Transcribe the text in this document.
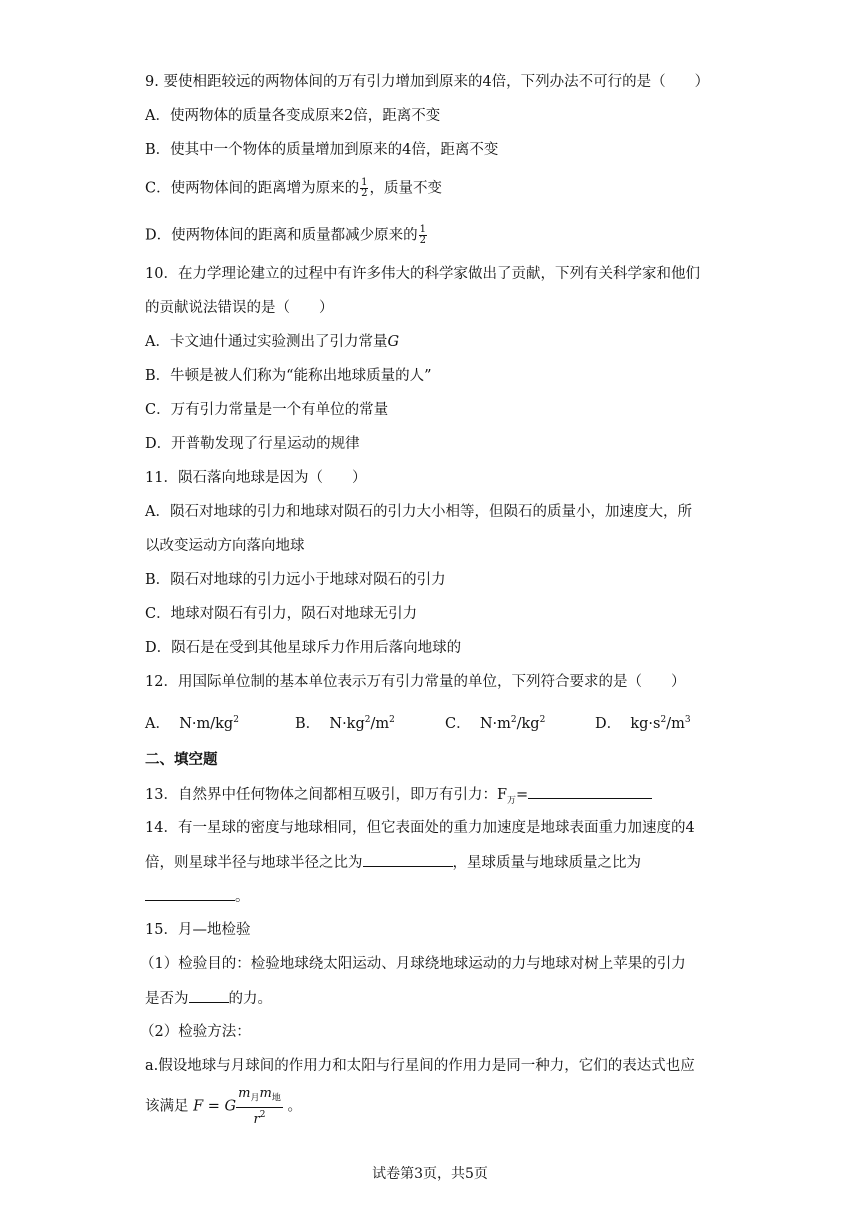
9. 要使相距较远的两物体间的万有引力增加到原来的4倍，下列办法不可行的是（　　）
A．使两物体的质量各变成原来2倍，距离不变
B．使其中一个物体的质量增加到原来的4倍，距离不变
C．使两物体间的距离增为原来的 $\frac{1}{2}$ ，质量不变
D．使两物体间的距离和质量都减少原来的 $\frac{1}{2}$
10．在力学理论建立的过程中有许多伟大的科学家做出了贡献，下列有关科学家和他们
的贡献说法错误的是（　　）
A．卡文迪什通过实验测出了引力常量G
B．牛顿是被人们称为“能称出地球质量的人”
C．万有引力常量是一个有单位的常量
D．开普勒发现了行星运动的规律
11．陨石落向地球是因为（　　）
A．陨石对地球的引力和地球对陨石的引力大小相等，但陨石的质量小，加速度大，所
以改变运动方向落向地球
B．陨石对地球的引力远小于地球对陨石的引力
C．地球对陨石有引力，陨石对地球无引力
D．陨石是在受到其他星球斥力作用后落向地球的
12．用国际单位制的基本单位表示万有引力常量的单位，下列符合要求的是（　　）
A． $N\cdot m/kg^2$	B． $N\cdot kg^2/m^2$	C． $N\cdot m^2/kg^2$	D． $kg\cdot s^2/m^3$
二、填空题
13．自然界中任何物体之间都相互吸引，即万有引力：$F_万=$
14．有一星球的密度与地球相同，但它表面处的重力加速度是地球表面重力加速度的4
倍，则星球半径与地球半径之比为	，星球质量与地球质量之比为
。
15．月—地检验
（1）检验目的：检验地球绕太阳运动、月球绕地球运动的力与地球对树上苹果的引力
是否为	的力。
（2）检验方法：
a.假设地球与月球间的作用力和太阳与行星间的作用力是同一种力，它们的表达式也应
该满足 F = G
$m_月m_地$
$r^2$
。
试卷第3页，共5页
